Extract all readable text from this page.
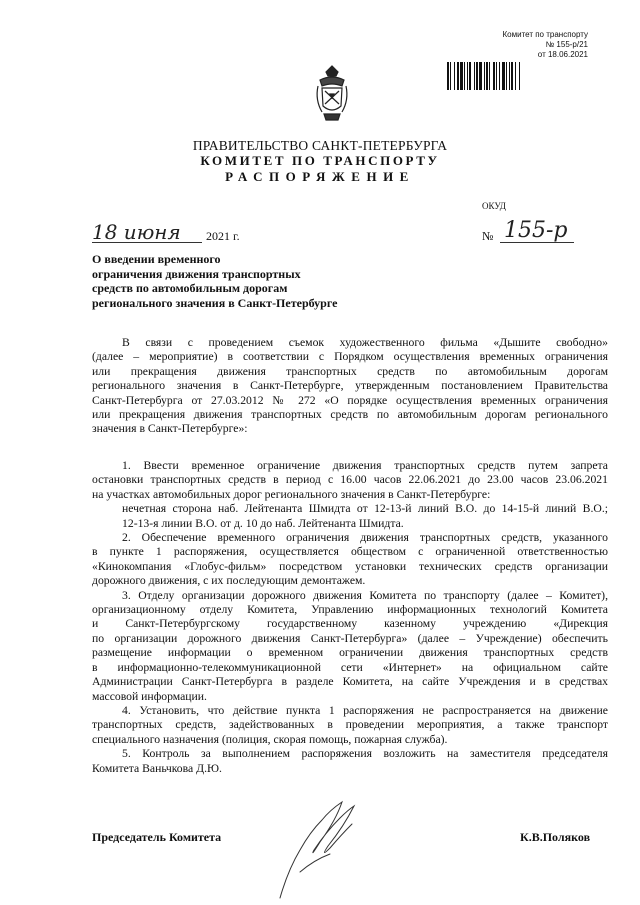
Комитет по транспорту
№ 155-р/21
от 18.06.2021
ПРАВИТЕЛЬСТВО САНКТ-ПЕТЕРБУРГА
КОМИТЕТ ПО ТРАНСПОРТУ
РАСПОРЯЖЕНИЕ
ОКУД
18 июня 2021 г.	№ 155-р
О введении временного
ограничения движения транспортных
средств по автомобильным дорогам
регионального значения в Санкт-Петербурге
В связи с проведением съемок художественного фильма «Дышите свободно»
(далее – мероприятие) в соответствии с Порядком осуществления временных ограничения
или прекращения движения транспортных средств по автомобильным дорогам
регионального значения в Санкт-Петербурге, утвержденным постановлением Правительства
Санкт-Петербурга от 27.03.2012 № 272 «О порядке осуществления временных ограничения
или прекращения движения транспортных средств по автомобильным дорогам регионального
значения в Санкт-Петербурге»:
1. Ввести временное ограничение движения транспортных средств путем запрета
остановки транспортных средств в период с 16.00 часов 22.06.2021 до 23.00 часов 23.06.2021
на участках автомобильных дорог регионального значения в Санкт-Петербурге:
нечетная сторона наб. Лейтенанта Шмидта от 12-13-й линий В.О. до 14-15-й линий В.О.;
12-13-я линии В.О. от д. 10 до наб. Лейтенанта Шмидта.
2. Обеспечение временного ограничения движения транспортных средств, указанного
в пункте 1 распоряжения, осуществляется обществом с ограниченной ответственностью
«Кинокомпания «Глобус-фильм» посредством установки технических средств организации
дорожного движения, с их последующим демонтажем.
3. Отделу организации дорожного движения Комитета по транспорту (далее – Комитет),
организационному отделу Комитета, Управлению информационных технологий Комитета
и Санкт-Петербургскому государственному казенному учреждению «Дирекция
по организации дорожного движения Санкт-Петербурга» (далее – Учреждение) обеспечить
размещение информации о временном ограничении движения транспортных средств
в информационно-телекоммуникационной сети «Интернет» на официальном сайте
Администрации Санкт-Петербурга в разделе Комитета, на сайте Учреждения и в средствах
массовой информации.
4. Установить, что действие пункта 1 распоряжения не распространяется на движение
транспортных средств, задействованных в проведении мероприятия, а также транспорт
специального назначения (полиция, скорая помощь, пожарная служба).
5. Контроль за выполнением распоряжения возложить на заместителя председателя
Комитета Ваньчкова Д.Ю.
Председатель Комитета	К.В.Поляков
